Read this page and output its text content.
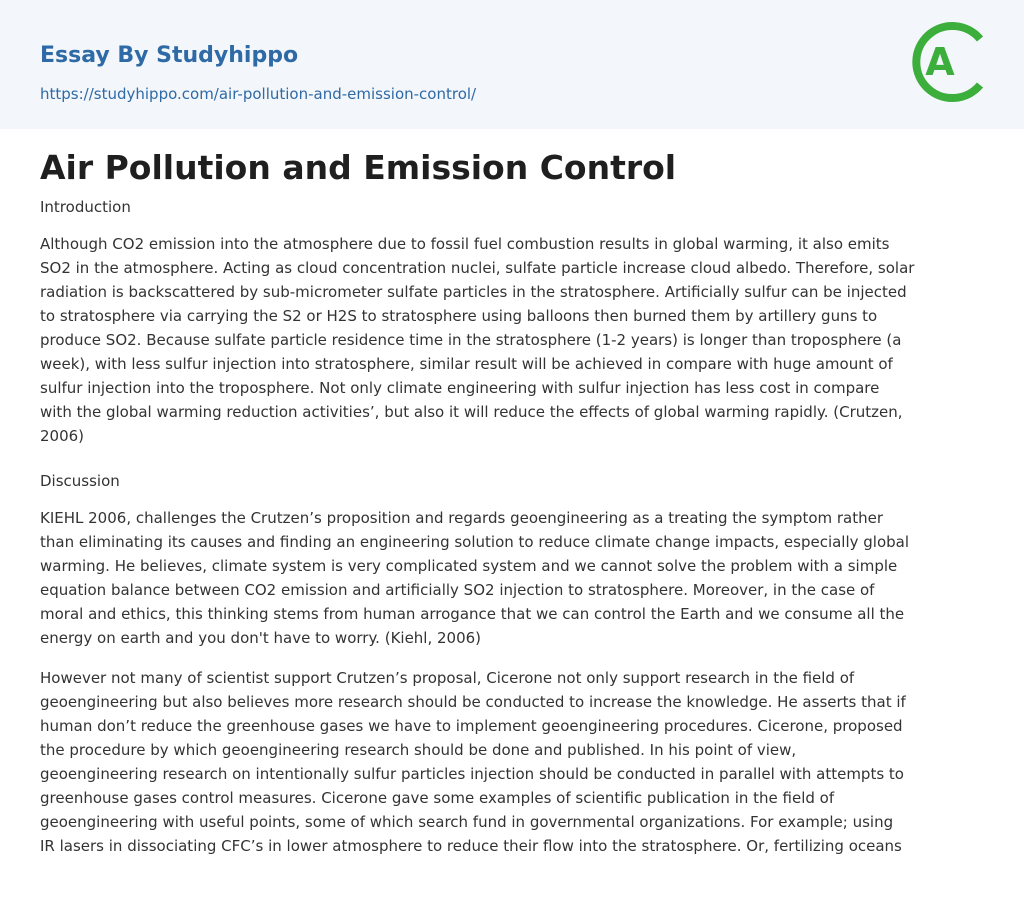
Essay By Studyhippo
https://studyhippo.com/air-pollution-and-emission-control/
A
Air Pollution and Emission Control
Introduction

Although CO2 emission into the atmosphere due to fossil fuel combustion results in global warming, it also emits
SO2 in the atmosphere. Acting as cloud concentration nuclei, sulfate particle increase cloud albedo. Therefore, solar
radiation is backscattered by sub-micrometer sulfate particles in the stratosphere. Artificially sulfur can be injected
to stratosphere via carrying the S2 or H2S to stratosphere using balloons then burned them by artillery guns to
produce SO2. Because sulfate particle residence time in the stratosphere (1-2 years) is longer than troposphere (a
week), with less sulfur injection into stratosphere, similar result will be achieved in compare with huge amount of
sulfur injection into the troposphere. Not only climate engineering with sulfur injection has less cost in compare
with the global warming reduction activities’, but also it will reduce the effects of global warming rapidly. (Crutzen,
2006)

Discussion

KIEHL 2006, challenges the Crutzen’s proposition and regards geoengineering as a treating the symptom rather
than eliminating its causes and finding an engineering solution to reduce climate change impacts, especially global
warming. He believes, climate system is very complicated system and we cannot solve the problem with a simple
equation balance between CO2 emission and artificially SO2 injection to stratosphere. Moreover, in the case of
moral and ethics, this thinking stems from human arrogance that we can control the Earth and we consume all the
energy on earth and you don't have to worry. (Kiehl, 2006)

However not many of scientist support Crutzen’s proposal, Cicerone not only support research in the field of
geoengineering but also believes more research should be conducted to increase the knowledge. He asserts that if
human don’t reduce the greenhouse gases we have to implement geoengineering procedures. Cicerone, proposed
the procedure by which geoengineering research should be done and published. In his point of view,
geoengineering research on intentionally sulfur particles injection should be conducted in parallel with attempts to
greenhouse gases control measures. Cicerone gave some examples of scientific publication in the field of
geoengineering with useful points, some of which search fund in governmental organizations. For example; using
IR lasers in dissociating CFC’s in lower atmosphere to reduce their flow into the stratosphere. Or, fertilizing oceans
